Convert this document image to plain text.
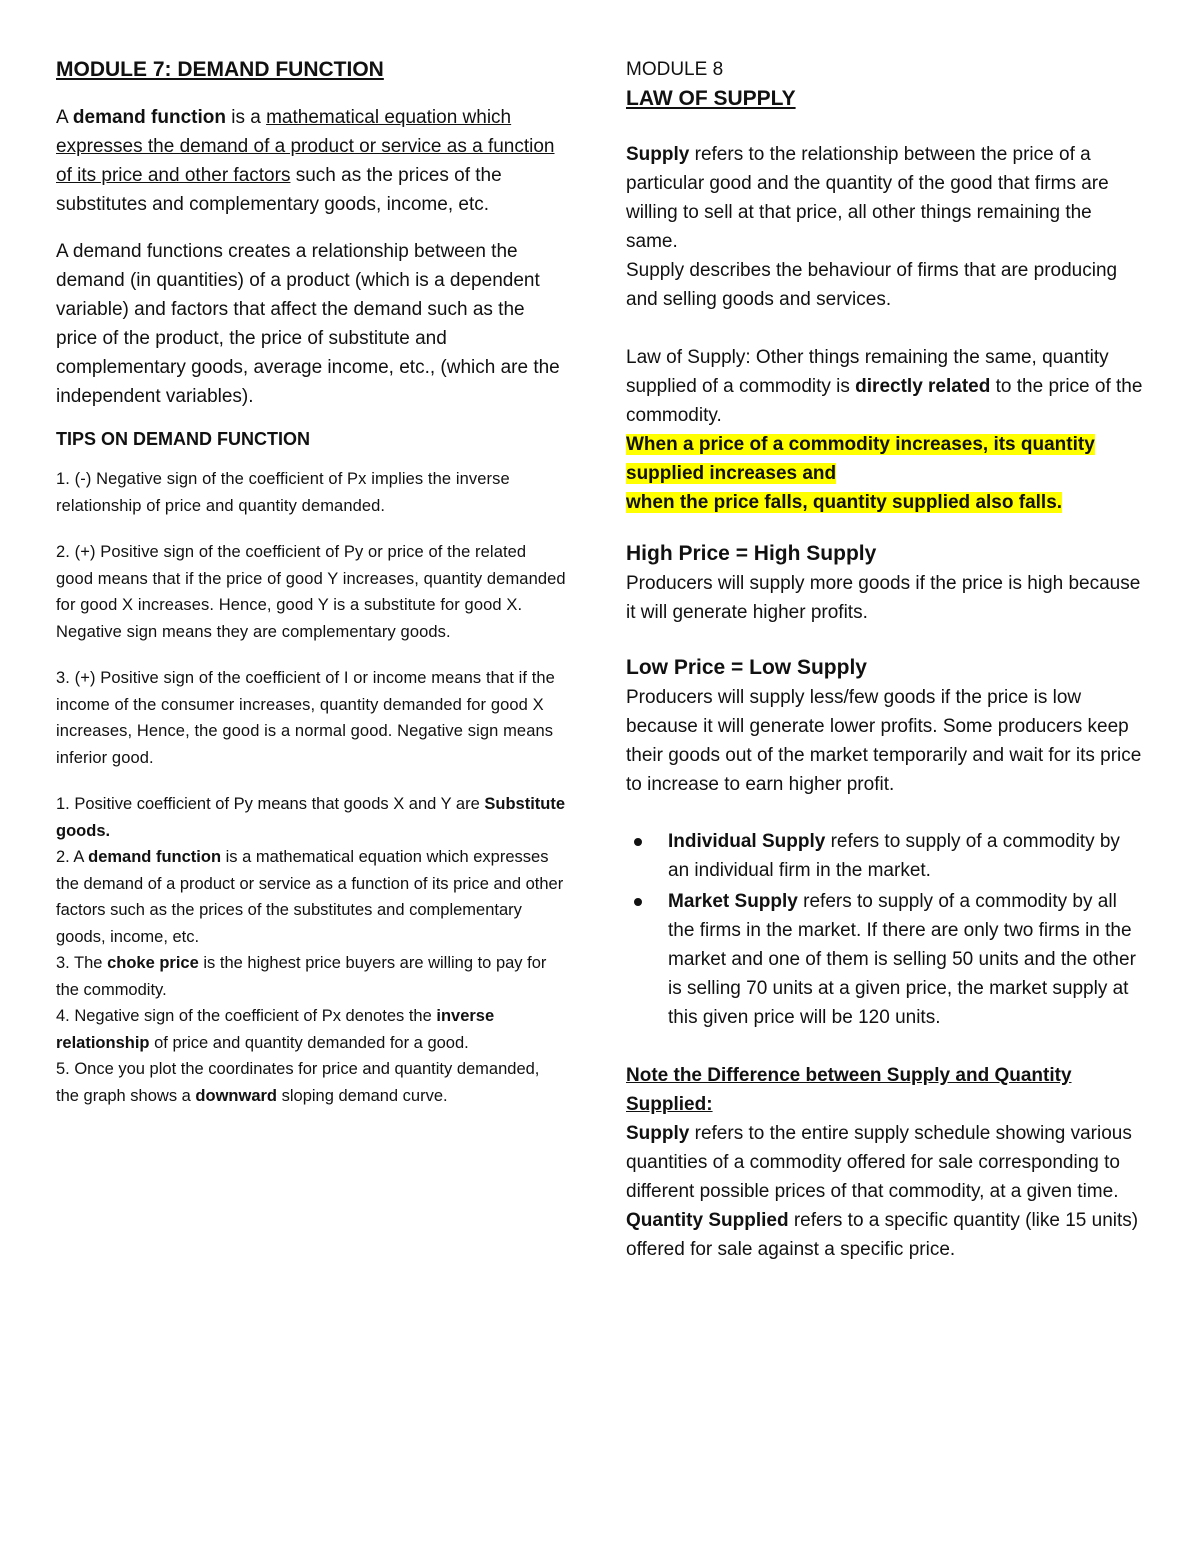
MODULE 7: DEMAND FUNCTION

A demand function is a mathematical equation which expresses the demand of a product or service as a function of its price and other factors such as the prices of the substitutes and complementary goods, income, etc.

A demand functions creates a relationship between the demand (in quantities) of a product (which is a dependent variable) and factors that affect the demand such as the price of the product, the price of substitute and complementary goods, average income, etc., (which are the independent variables).

TIPS ON DEMAND FUNCTION

1. (-) Negative sign of the coefficient of Px implies the inverse relationship of price and quantity demanded.

2. (+) Positive sign of the coefficient of Py or price of the related good means that if the price of good Y increases, quantity demanded for good X increases. Hence, good Y is a substitute for good X.
Negative sign means they are complementary goods.

3. (+) Positive sign of the coefficient of I or income means that if the income of the consumer increases, quantity demanded for good X increases, Hence, the good is a normal good. Negative sign means inferior good.

1. Positive coefficient of Py means that goods X and Y are Substitute goods.
2. A demand function is a mathematical equation which expresses the demand of a product or service as a function of its price and other factors such as the prices of the substitutes and complementary goods, income, etc.
3. The choke price is the highest price buyers are willing to pay for the commodity.
4. Negative sign of the coefficient of Px denotes the inverse relationship of price and quantity demanded for a good.
5. Once you plot the coordinates for price and quantity demanded, the graph shows a downward sloping demand curve.
MODULE 8
LAW OF SUPPLY

Supply refers to the relationship between the price of a particular good and the quantity of the good that firms are willing to sell at that price, all other things remaining the same.

Supply describes the behaviour of firms that are producing and selling goods and services.

Law of Supply: Other things remaining the same, quantity supplied of a commodity is directly related to the price of the commodity.

When a price of a commodity increases, its quantity supplied increases and
when the price falls, quantity supplied also falls.

High Price = High Supply

Producers will supply more goods if the price is high because it will generate higher profits.

Low Price = Low Supply

Producers will supply less/few goods if the price is low because it will generate lower profits. Some producers keep their goods out of the market temporarily and wait for its price to increase to earn higher profit.

Individual Supply refers to supply of a commodity by an individual firm in the market.
Market Supply refers to supply of a commodity by all the firms in the market. If there are only two firms in the market and one of them is selling 50 units and the other is selling 70 units at a given price, the market supply at this given price will be 120 units.

Note the Difference between Supply and Quantity Supplied:

Supply refers to the entire supply schedule showing various quantities of a commodity offered for sale corresponding to different possible prices of that commodity, at a given time.

Quantity Supplied refers to a specific quantity (like 15 units) offered for sale against a specific price.
